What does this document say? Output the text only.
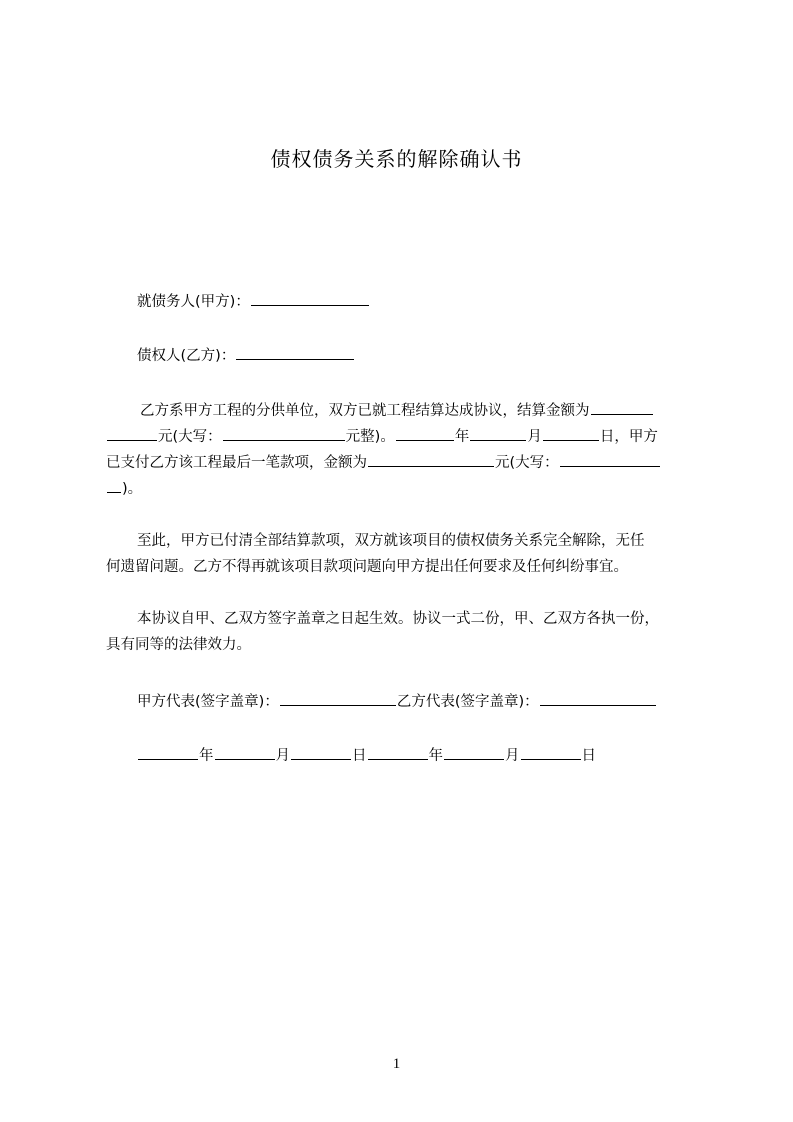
债权债务关系的解除确认书
就债务人(甲方)：
债权人(乙方)：
乙方系甲方工程的分供单位，双方已就工程结算达成协议，结算金额为
元(大写：	元整)。	年	月	日，甲方
已支付乙方该工程最后一笔款项，金额为	元(大写：
)。
至此，甲方已付清全部结算款项，双方就该项目的债权债务关系完全解除，无任
何遗留问题。乙方不得再就该项目款项问题向甲方提出任何要求及任何纠纷事宜。
本协议自甲、乙双方签字盖章之日起生效。协议一式二份，甲、乙双方各执一份，
具有同等的法律效力。
甲方代表(签字盖章)：	乙方代表(签字盖章)：
年	月	日	年	月	日
1
